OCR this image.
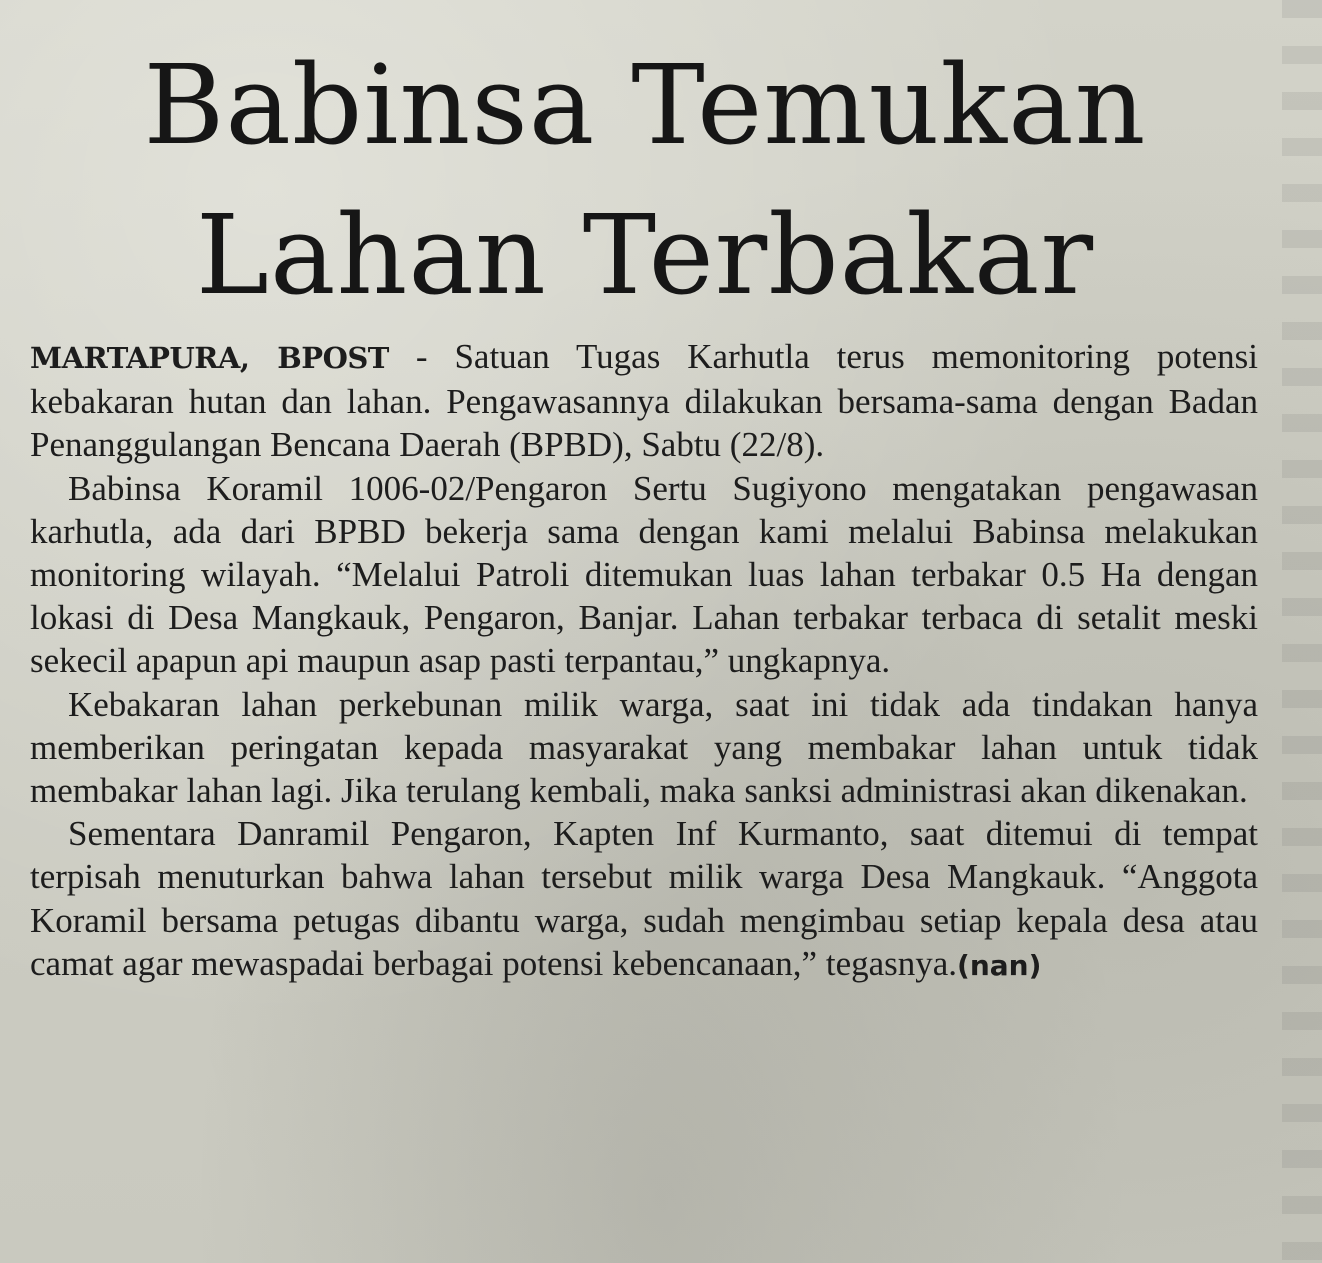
Babinsa Temukan
Lahan Terbakar

MARTAPURA, BPOST - Satuan Tugas Karhutla terus memonitoring potensi kebakaran hutan dan lahan. Pengawasannya dilakukan bersama-sama dengan Badan Penanggulangan Bencana Daerah (BPBD), Sabtu (22/8).

Babinsa Koramil 1006-02/Pengaron Sertu Sugiyono mengatakan pengawasan karhutla, ada dari BPBD bekerja sama dengan kami melalui Babinsa melakukan monitoring wilayah. “Melalui Patroli ditemukan luas lahan terbakar 0.5 Ha dengan lokasi di Desa Mangkauk, Pengaron, Banjar. Lahan terbakar terbaca di setalit meski sekecil apapun api maupun asap pasti terpantau,” ungkapnya.

Kebakaran lahan perkebunan milik warga, saat ini tidak ada tindakan hanya memberikan peringatan kepada masyarakat yang membakar lahan untuk tidak membakar lahan lagi. Jika terulang kembali, maka sanksi administrasi akan dikenakan.

Sementara Danramil Pengaron, Kapten Inf Kurmanto, saat ditemui di tempat terpisah menuturkan bahwa lahan tersebut milik warga Desa Mangkauk. “Anggota Koramil bersama petugas dibantu warga, sudah mengimbau setiap kepala desa atau camat agar mewaspadai berbagai potensi kebencanaan,” tegasnya.(nan)
